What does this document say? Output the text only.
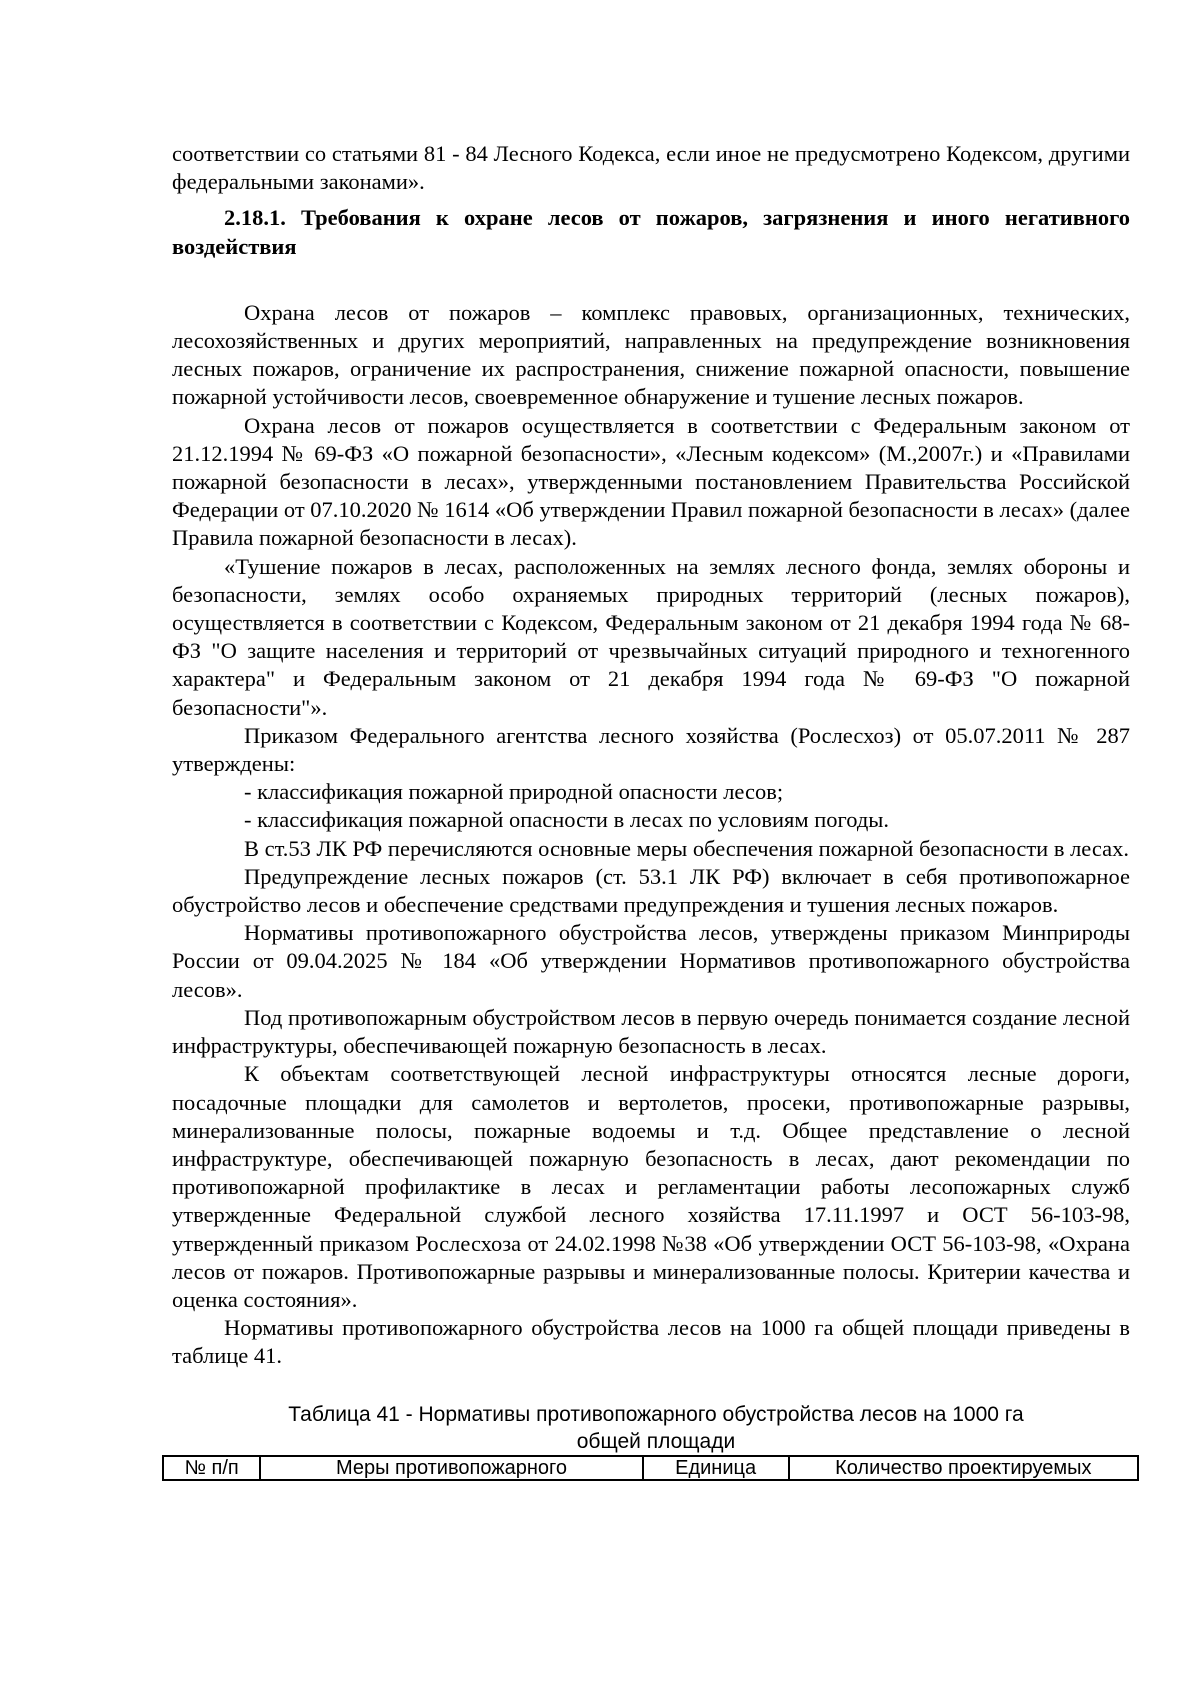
соответствии со статьями 81 - 84 Лесного Кодекса, если иное не предусмотрено Кодексом, другими федеральными законами».

2.18.1. Требования к охране лесов от пожаров, загрязнения и иного негативного воздействия

Охрана лесов от пожаров – комплекс правовых, организационных, технических, лесохозяйственных и других мероприятий, направленных на предупреждение возникновения лесных пожаров, ограничение их распространения, снижение пожарной опасности, повышение пожарной устойчивости лесов, своевременное обнаружение и тушение лесных пожаров.

Охрана лесов от пожаров осуществляется в соответствии с Федеральным законом от 21.12.1994 № 69-ФЗ «О пожарной безопасности», «Лесным кодексом» (М.,2007г.) и «Правилами пожарной безопасности в лесах», утвержденными постановлением Правительства Российской Федерации от 07.10.2020 № 1614 «Об утверждении Правил пожарной безопасности в лесах» (далее Правила пожарной безопасности в лесах).

«Тушение пожаров в лесах, расположенных на землях лесного фонда, землях обороны и безопасности, землях особо охраняемых природных территорий (лесных пожаров), осуществляется в соответствии с Кодексом, Федеральным законом от 21 декабря 1994 года № 68-ФЗ "О защите населения и территорий от чрезвычайных ситуаций природного и техногенного характера" и Федеральным законом от 21 декабря 1994 года № 69-ФЗ "О пожарной безопасности"».

Приказом Федерального агентства лесного хозяйства (Рослесхоз) от 05.07.2011 № 287 утверждены:

- классификация пожарной природной опасности лесов;

- классификация пожарной опасности в лесах по условиям погоды.

В ст.53 ЛК РФ перечисляются основные меры обеспечения пожарной безопасности в лесах.

Предупреждение лесных пожаров (ст. 53.1 ЛК РФ) включает в себя противопожарное обустройство лесов и обеспечение средствами предупреждения и тушения лесных пожаров.

Нормативы противопожарного обустройства лесов, утверждены приказом Минприроды России от 09.04.2025 № 184 «Об утверждении Нормативов противопожарного обустройства лесов».

Под противопожарным обустройством лесов в первую очередь понимается создание лесной инфраструктуры, обеспечивающей пожарную безопасность в лесах.

К объектам соответствующей лесной инфраструктуры относятся лесные дороги, посадочные площадки для самолетов и вертолетов, просеки, противопожарные разрывы, минерализованные полосы, пожарные водоемы и т.д. Общее представление о лесной инфраструктуре, обеспечивающей пожарную безопасность в лесах, дают рекомендации по противопожарной профилактике в лесах и регламентации работы лесопожарных служб утвержденные Федеральной службой лесного хозяйства 17.11.1997 и ОСТ 56-103-98, утвержденный приказом Рослесхоза от 24.02.1998 №38 «Об утверждении ОСТ 56-103-98, «Охрана лесов от пожаров. Противопожарные разрывы и минерализованные полосы. Критерии качества и оценка состояния».

Нормативы противопожарного обустройства лесов на 1000 га общей площади приведены в таблице 41.

Таблица 41 - Нормативы противопожарного обустройства лесов на 1000 га
общей площади
№ п/п	Меры противопожарного	Единица	Количество проектируемых
